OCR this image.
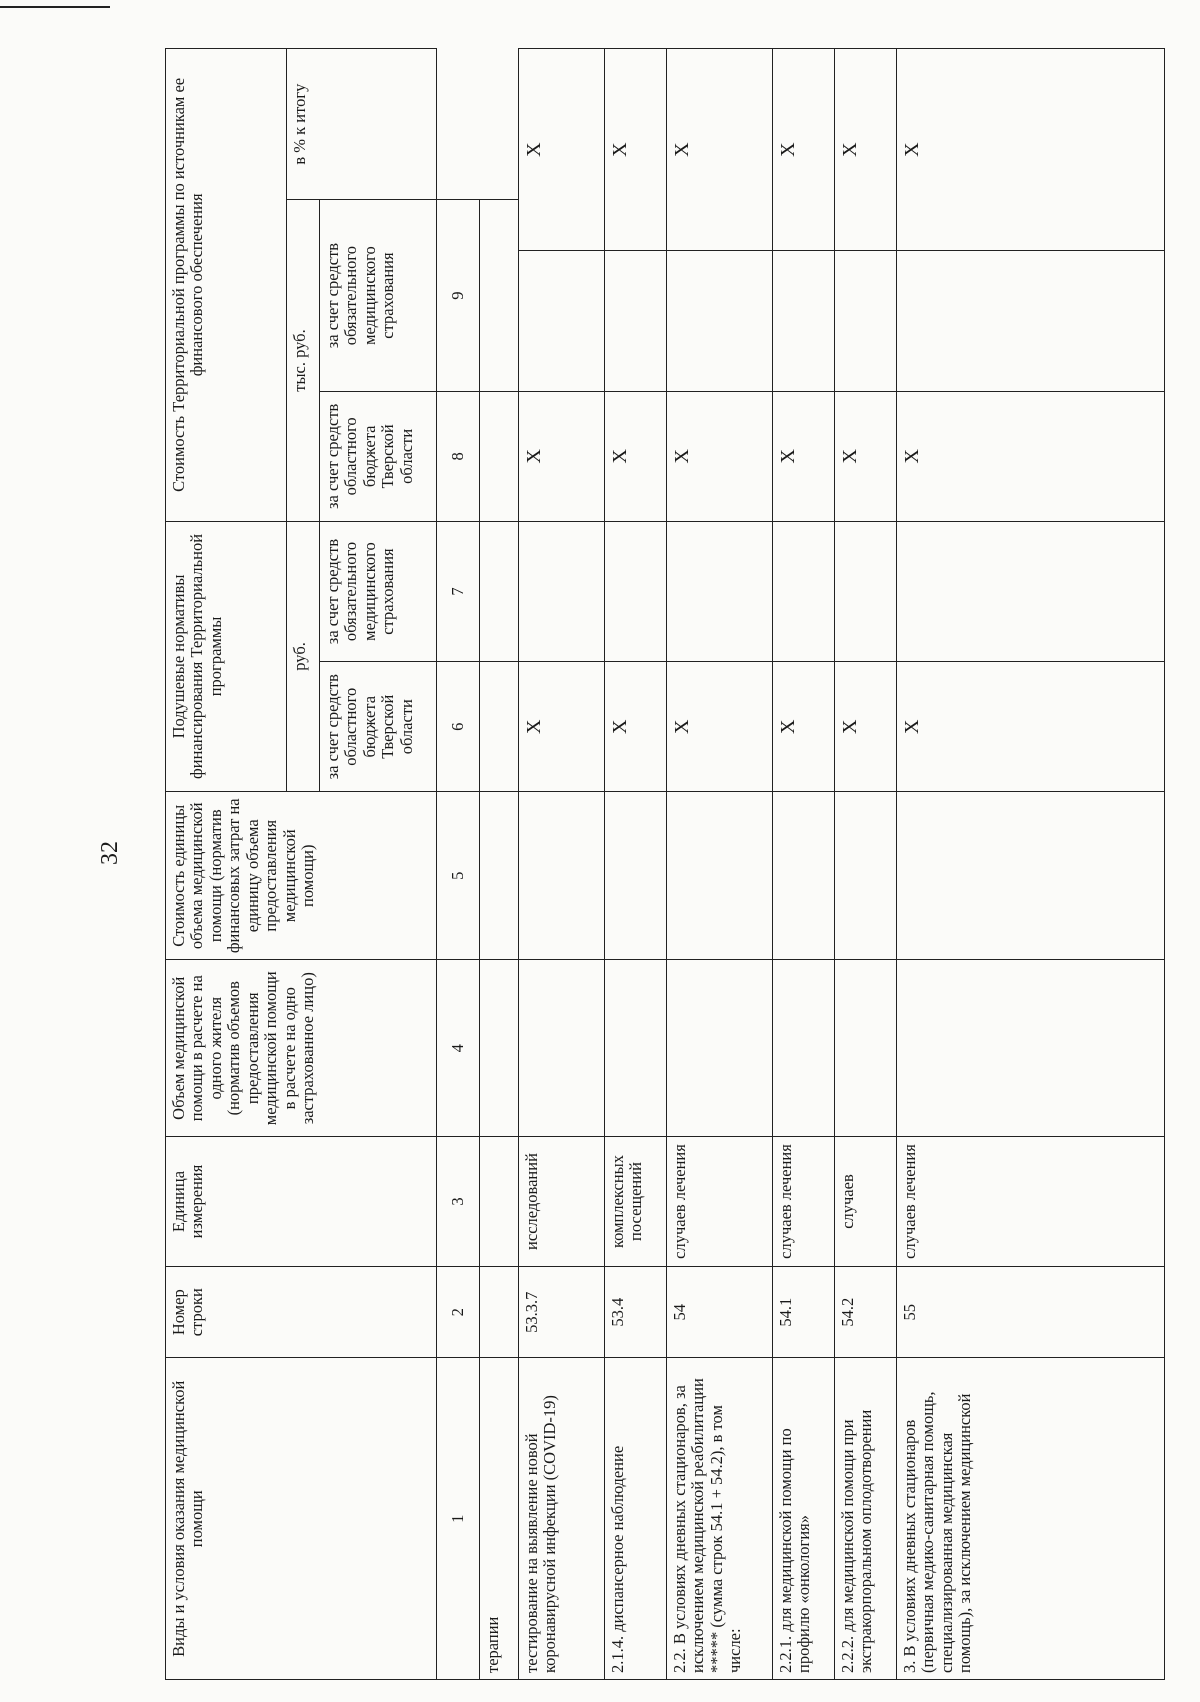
32
Виды и условия оказания медицинской помощи	Номер строки	Единица измерения	Объем медицинской помощи в расчете на одного жителя (норматив объемов предоставления медицинской помощи в расчете на одно застрахованное лицо)	Стоимость единицы объема медицинской помощи (норматив финансовых затрат на единицу объема предоставления медицинской помощи)	Подушевые нормативы финансирования Территориальной программы		Стоимость Территориальной программы по источникам ее финансового обеспечения			
					руб.		тыс. руб.			в % к итогу
					за счет средств областного бюджета Тверской области	за счет средств обязательного медицинского страхования	за счет средств областного бюджета Тверской области	за счет средств обязательного медицинского страхования		
1	2	3	4	5	6	7	8	9		
терапии										
тестирование на выявление новой коронавирусной инфекции (COVID-19)	53.3.7	исследований			X		X		X	
2.1.4. диспансерное наблюдение	53.4	комплексных посещений			X		X		X	
2.2. В условиях дневных стационаров, за исключением медицинской реабилитации ***** (сумма строк 54.1 + 54.2), в том числе:	54	случаев лечения			X		X		X	
2.2.1. для медицинской помощи по профилю «онкология»	54.1	случаев лечения			X		X		X	
2.2.2. для медицинской помощи при экстракорпоральном оплодотворении	54.2	случаев			X		X		X	
3. В условиях дневных стационаров (первичная медико-санитарная помощь, специализированная медицинская помощь), за исключением медицинской	55	случаев лечения			X		X		X	
